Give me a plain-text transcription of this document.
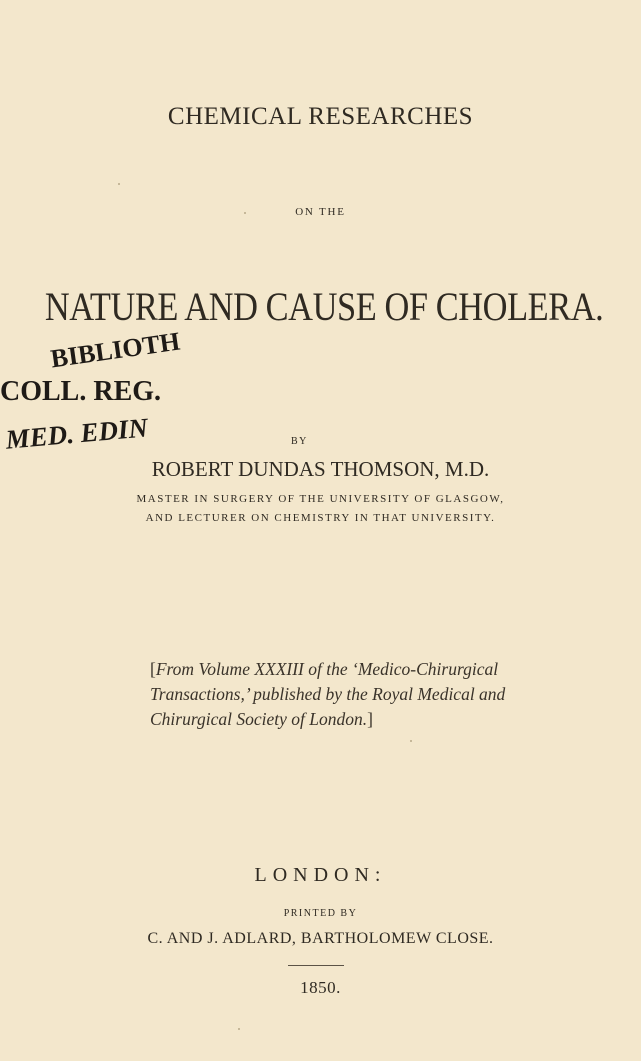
CHEMICAL RESEARCHES
ON THE
NATURE AND CAUSE OF CHOLERA.
BIBLIOTH
COLL. REG.
MED. EDIN	BY
ROBERT DUNDAS THOMSON, M.D.
MASTER IN SURGERY OF THE UNIVERSITY OF GLASGOW,
AND LECTURER ON CHEMISTRY IN THAT UNIVERSITY.
[From Volume XXXIII of the ‘Medico-Chirurgical Transactions,’ published by the Royal Medical and Chirurgical Society of London.]
LONDON:
PRINTED BY
C. AND J. ADLARD, BARTHOLOMEW CLOSE.
1850.
